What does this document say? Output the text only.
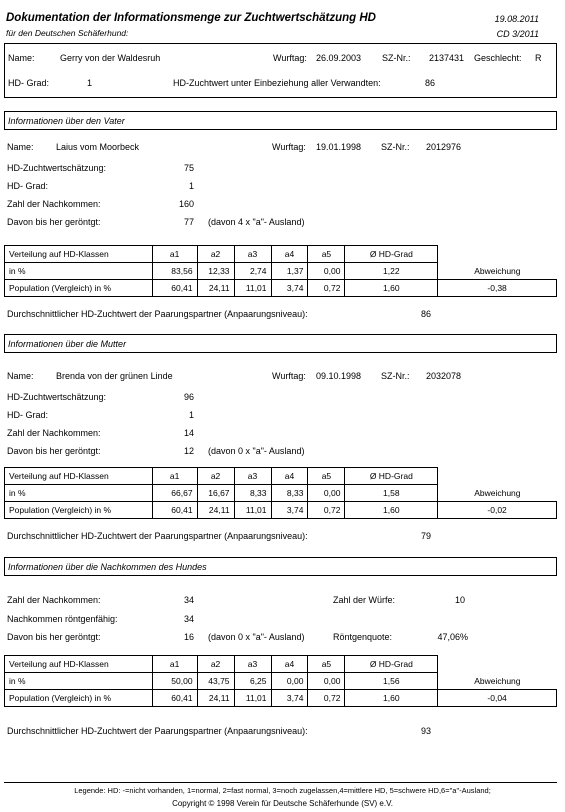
Dokumentation der Informationsmenge zur Zuchtwertschätzung HD
für den Deutschen Schäferhund:
19.08.2011
CD 3/2011
Name:	Gerry von der Waldesruh	Wurftag: 26.09.2003 SZ-Nr.: 2137431 Geschlecht: R
HD- Grad:	1	HD-Zuchtwert unter Einbeziehung aller Verwandten:	86
Informationen über den Vater
Name: Laius vom Moorbeck	Wurftag: 19.01.1998 SZ-Nr.: 2012976
HD-Zuchtwertschätzung:	75
HD- Grad:	1
Zahl der Nachkommen:	160
Davon bis her geröntgt:	77 (davon 4 x "a"- Ausland)
Verteilung auf HD-Klassen	a1	a2	a3	a4	a5	Ø HD-Grad	
in %	83,56	12,33	2,74	1,37	0,00	1,22	Abweichung
Population (Vergleich) in %	60,41	24,11	11,01	3,74	0,72	1,60	-0,38
Durchschnittlicher HD-Zuchtwert der Paarungspartner (Anpaarungsniveau):	86
Informationen über die Mutter
Name: Brenda von der grünen Linde	Wurftag: 09.10.1998 SZ-Nr.: 2032078
HD-Zuchtwertschätzung:	96
HD- Grad:	1
Zahl der Nachkommen:	14
Davon bis her geröntgt:	12 (davon 0 x "a"- Ausland)
Verteilung auf HD-Klassen	a1	a2	a3	a4	a5	Ø HD-Grad	
in %	66,67	16,67	8,33	8,33	0,00	1,58	Abweichung
Population (Vergleich) in %	60,41	24,11	11,01	3,74	0,72	1,60	-0,02
Durchschnittlicher HD-Zuchtwert der Paarungspartner (Anpaarungsniveau):	79
Informationen über die Nachkommen des Hundes
Zahl der Nachkommen:	34	Zahl der Würfe:	10
Nachkommen röntgenfähig:	34
Davon bis her geröntgt:	16 (davon 0 x "a"- Ausland)	Röntgenquote:	47,06%
Verteilung auf HD-Klassen	a1	a2	a3	a4	a5	Ø HD-Grad	
in %	50,00	43,75	6,25	0,00	0,00	1,56	Abweichung
Population (Vergleich) in %	60,41	24,11	11,01	3,74	0,72	1,60	-0,04
Durchschnittlicher HD-Zuchtwert der Paarungspartner (Anpaarungsniveau):	93
Legende: HD: -=nicht vorhanden, 1=normal, 2=fast normal, 3=noch zugelassen,4=mittlere HD, 5=schwere HD,6="a"-Ausland;
Copyright © 1998 Verein für Deutsche Schäferhunde (SV) e.V.
